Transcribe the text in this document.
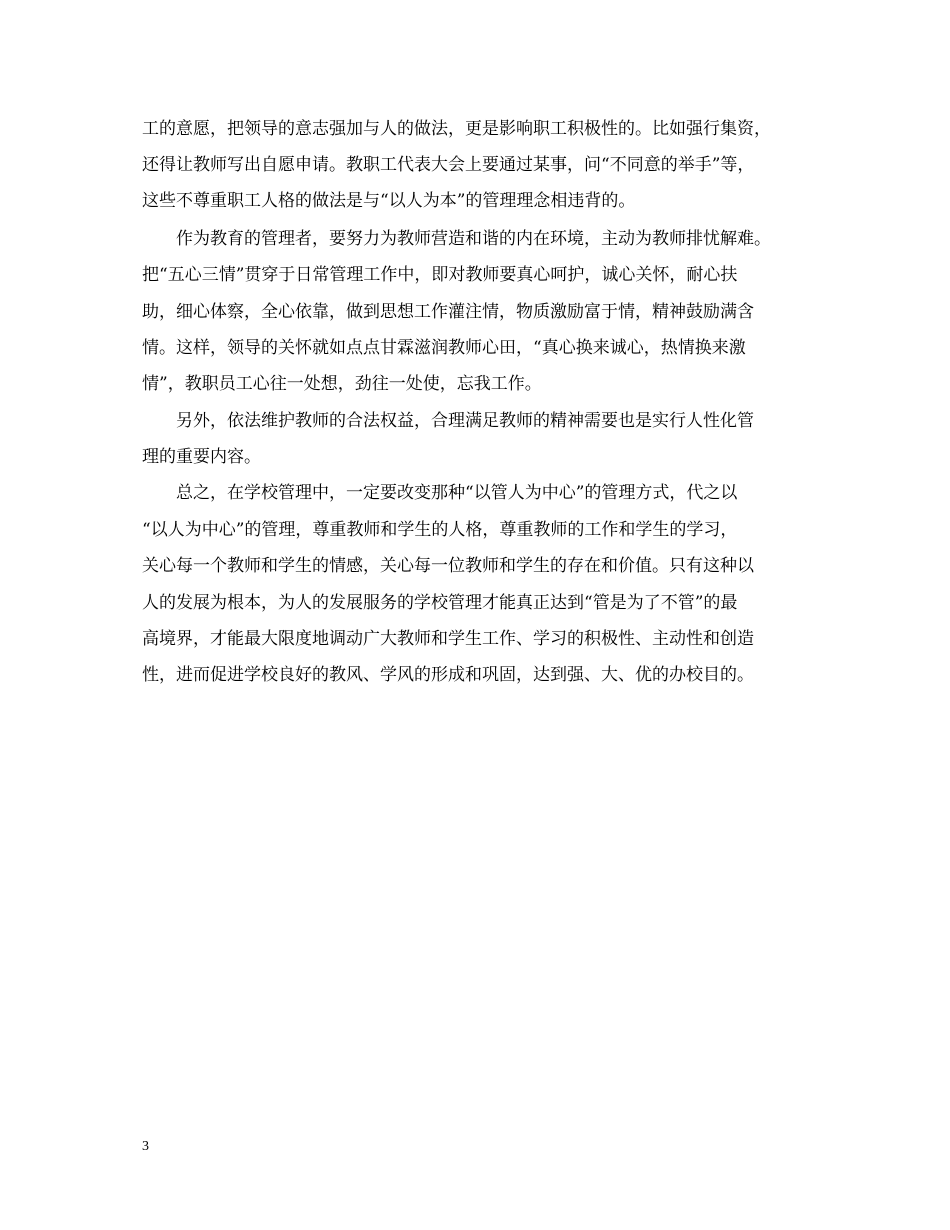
工的意愿，把领导的意志强加与人的做法，更是影响职工积极性的。比如强行集资，
还得让教师写出自愿申请。教职工代表大会上要通过某事，问“不同意的举手”等，
这些不尊重职工人格的做法是与“以人为本”的管理理念相违背的。
作为教育的管理者，要努力为教师营造和谐的内在环境，主动为教师排忧解难。
把“五心三情”贯穿于日常管理工作中，即对教师要真心呵护，诚心关怀，耐心扶
助，细心体察，全心依靠，做到思想工作灌注情，物质激励富于情，精神鼓励满含
情。这样，领导的关怀就如点点甘霖滋润教师心田，“真心换来诚心，热情换来激
情”，教职员工心往一处想，劲往一处使，忘我工作。
另外，依法维护教师的合法权益，合理满足教师的精神需要也是实行人性化管
理的重要内容。
总之，在学校管理中，一定要改变那种“以管人为中心”的管理方式，代之以
“以人为中心”的管理，尊重教师和学生的人格，尊重教师的工作和学生的学习，
关心每一个教师和学生的情感，关心每一位教师和学生的存在和价值。只有这种以
人的发展为根本，为人的发展服务的学校管理才能真正达到“管是为了不管”的最
高境界，才能最大限度地调动广大教师和学生工作、学习的积极性、主动性和创造
性，进而促进学校良好的教风、学风的形成和巩固，达到强、大、优的办校目的。
3
